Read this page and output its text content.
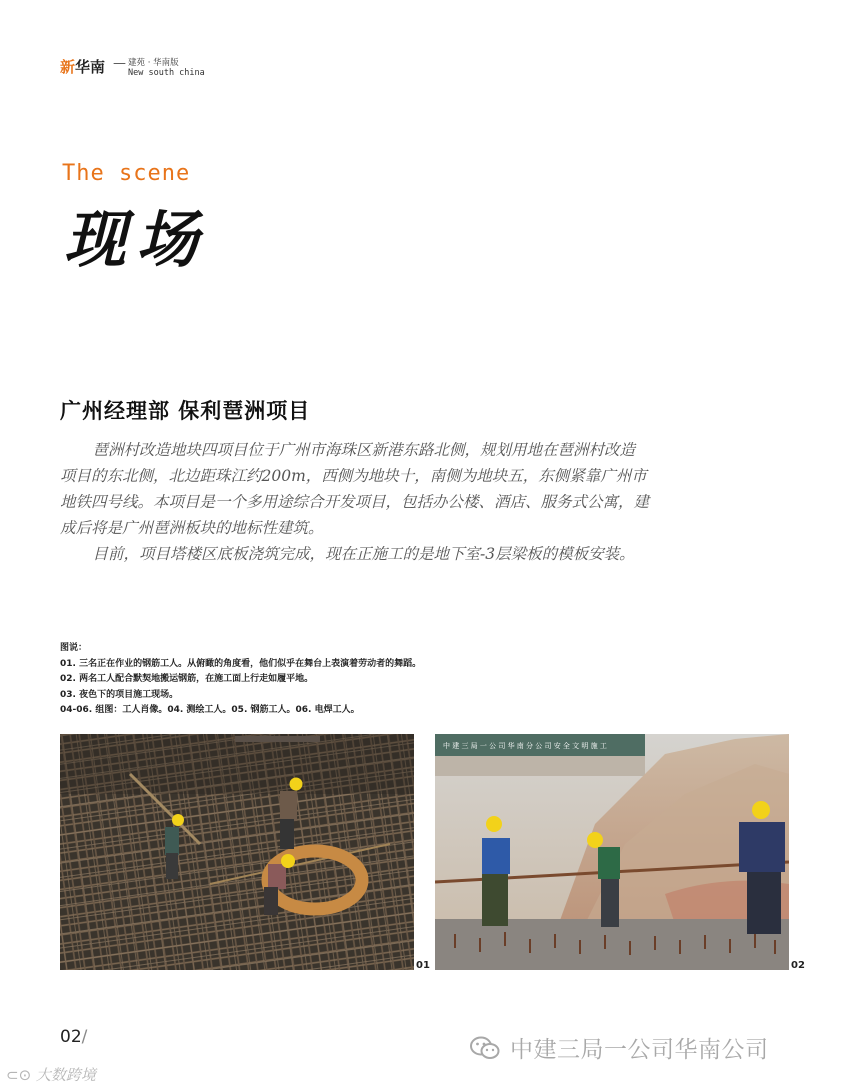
新华南 — 建苑 · 华南版
New south china
The scene
现场
广州经理部 保利琶洲项目

琶洲村改造地块四项目位于广州市海珠区新港东路北侧，规划用地在琶洲村改造项目的东北侧，北边距珠江约200m，西侧为地块十，南侧为地块五，东侧紧靠广州市地铁四号线。本项目是一个多用途综合开发项目，包括办公楼、酒店、服务式公寓，建成后将是广州琶洲板块的地标性建筑。

目前，项目塔楼区底板浇筑完成，现在正施工的是地下室-3层梁板的模板安装。

图说：
01. 三名正在作业的钢筋工人。从俯瞰的角度看，他们似乎在舞台上表演着劳动者的舞蹈。
02. 两名工人配合默契地搬运钢筋，在施工面上行走如履平地。
03. 夜色下的项目施工现场。
04-06. 组图：工人肖像。04. 测绘工人。05. 钢筋工人。06. 电焊工人。
01
中 建 三 局 一 公 司 华 南 分 公 司 安 全 文 明 施 工
02
02/	中建三局一公司华南公司
⊂⊙ 大数跨境
